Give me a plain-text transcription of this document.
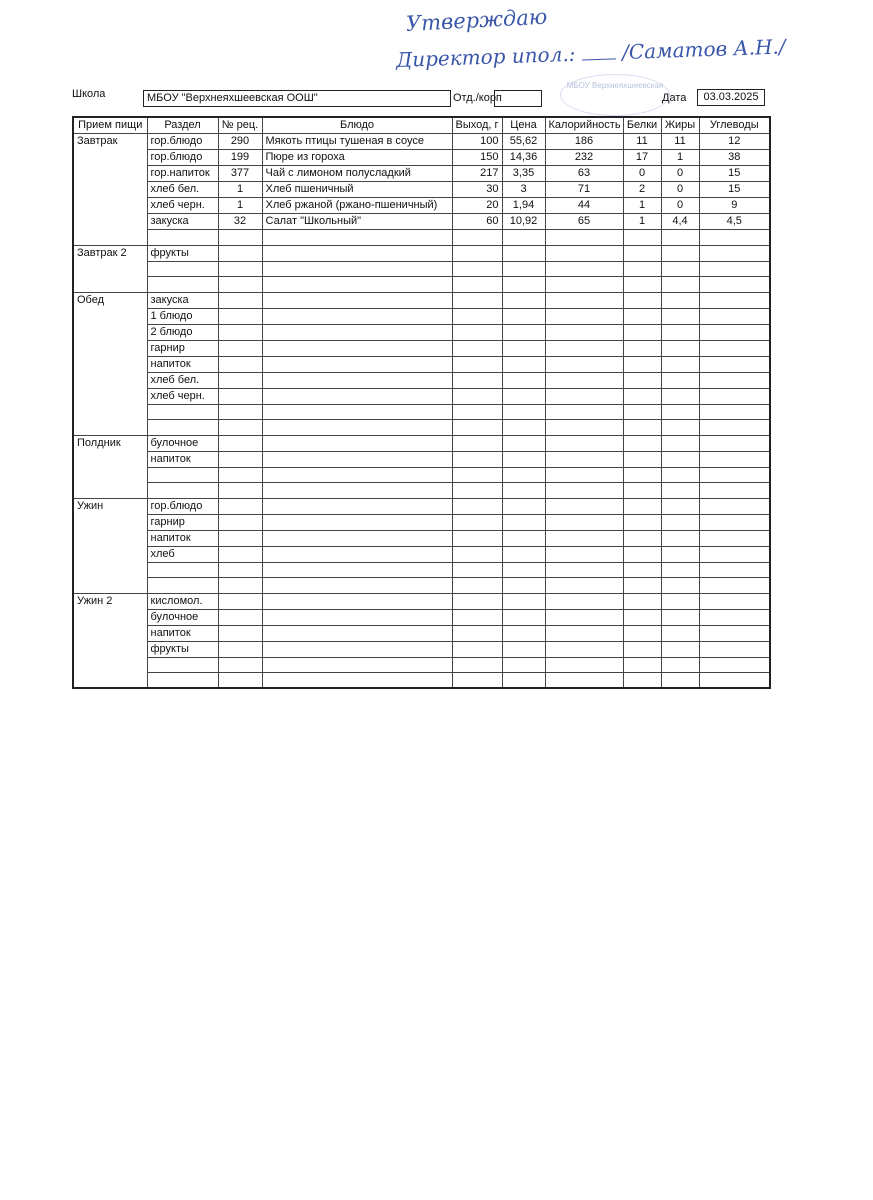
Утверждаю
Директор ипол.:  /Саматов А.Н./
МБОУ Верхнеяхшеевская
Школа	МБОУ "Верхнеяхшеевская ООШ"	Отд./корп	Дата	03.03.2025
Прием пищи	Раздел	№ рец.	Блюдо	Выход, г	Цена	Калорийность	Белки	Жиры	Углеводы
Завтрак	гор.блюдо	290	Мякоть птицы тушеная в соусе	100	55,62	186	11	11	12
	гор.блюдо	199	Пюре из гороха	150	14,36	232	17	1	38
	гор.напиток	377	Чай с лимоном полусладкий	217	3,35	63	0	0	15
	хлеб бел.	1	Хлеб пшеничный	30	3	71	2	0	15
	хлеб черн.	1	Хлеб ржаной (ржано-пшеничный)	20	1,94	44	1	0	9
	закуска	32	Салат "Школьный"	60	10,92	65	1	4,4	4,5

Завтрак 2	фрукты								

Обед	закуска								
	1 блюдо								
	2 блюдо								
	гарнир								
	напиток								
	хлеб бел.								
	хлеб черн.								

Полдник	булочное								
	напиток								

Ужин	гор.блюдо								
	гарнир								
	напиток								
	хлеб								

Ужин 2	кисломол.								
	булочное								
	напиток								
	фрукты								
